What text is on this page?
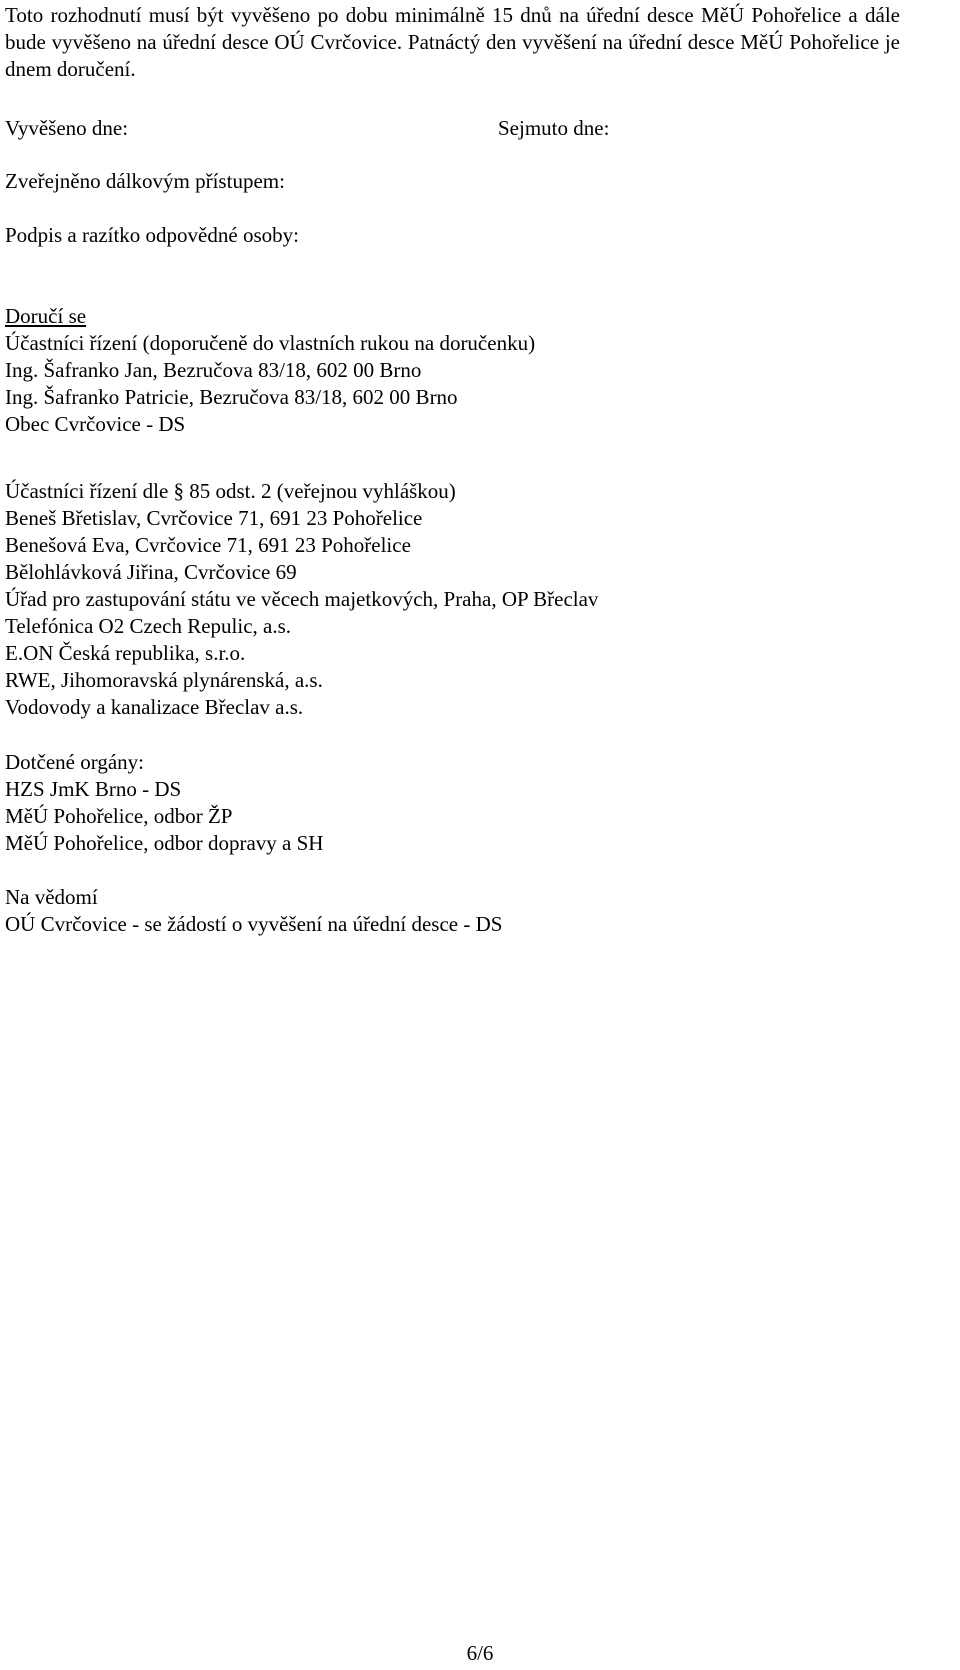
Toto rozhodnutí musí být vyvěšeno po dobu minimálně 15 dnů na úřední desce MěÚ Pohořelice a dále bude vyvěšeno na úřední desce OÚ Cvrčovice. Patnáctý den vyvěšení na úřední desce MěÚ Pohořelice je dnem doručení.

Vyvěšeno dne:	Sejmuto dne:
Zveřejněno dálkovým přístupem:
Podpis a razítko odpovědné osoby:
Doručí se
Účastníci řízení (doporučeně do vlastních rukou na doručenku)
Ing. Šafranko Jan, Bezručova 83/18, 602 00 Brno
Ing. Šafranko Patricie, Bezručova 83/18, 602 00 Brno
Obec Cvrčovice - DS
Účastníci řízení dle § 85 odst. 2 (veřejnou vyhláškou)
Beneš Břetislav, Cvrčovice 71, 691 23 Pohořelice
Benešová Eva, Cvrčovice 71, 691 23 Pohořelice
Bělohlávková Jiřina, Cvrčovice 69
Úřad pro zastupování státu ve věcech majetkových, Praha, OP Břeclav
Telefónica O2 Czech Repulic, a.s.
E.ON Česká republika, s.r.o.
RWE, Jihomoravská plynárenská, a.s.
Vodovody a kanalizace Břeclav a.s.
Dotčené orgány:
HZS JmK Brno - DS
MěÚ Pohořelice, odbor ŽP
MěÚ Pohořelice, odbor dopravy a SH
Na vědomí
OÚ Cvrčovice - se žádostí o vyvěšení na úřední desce - DS
6/6
